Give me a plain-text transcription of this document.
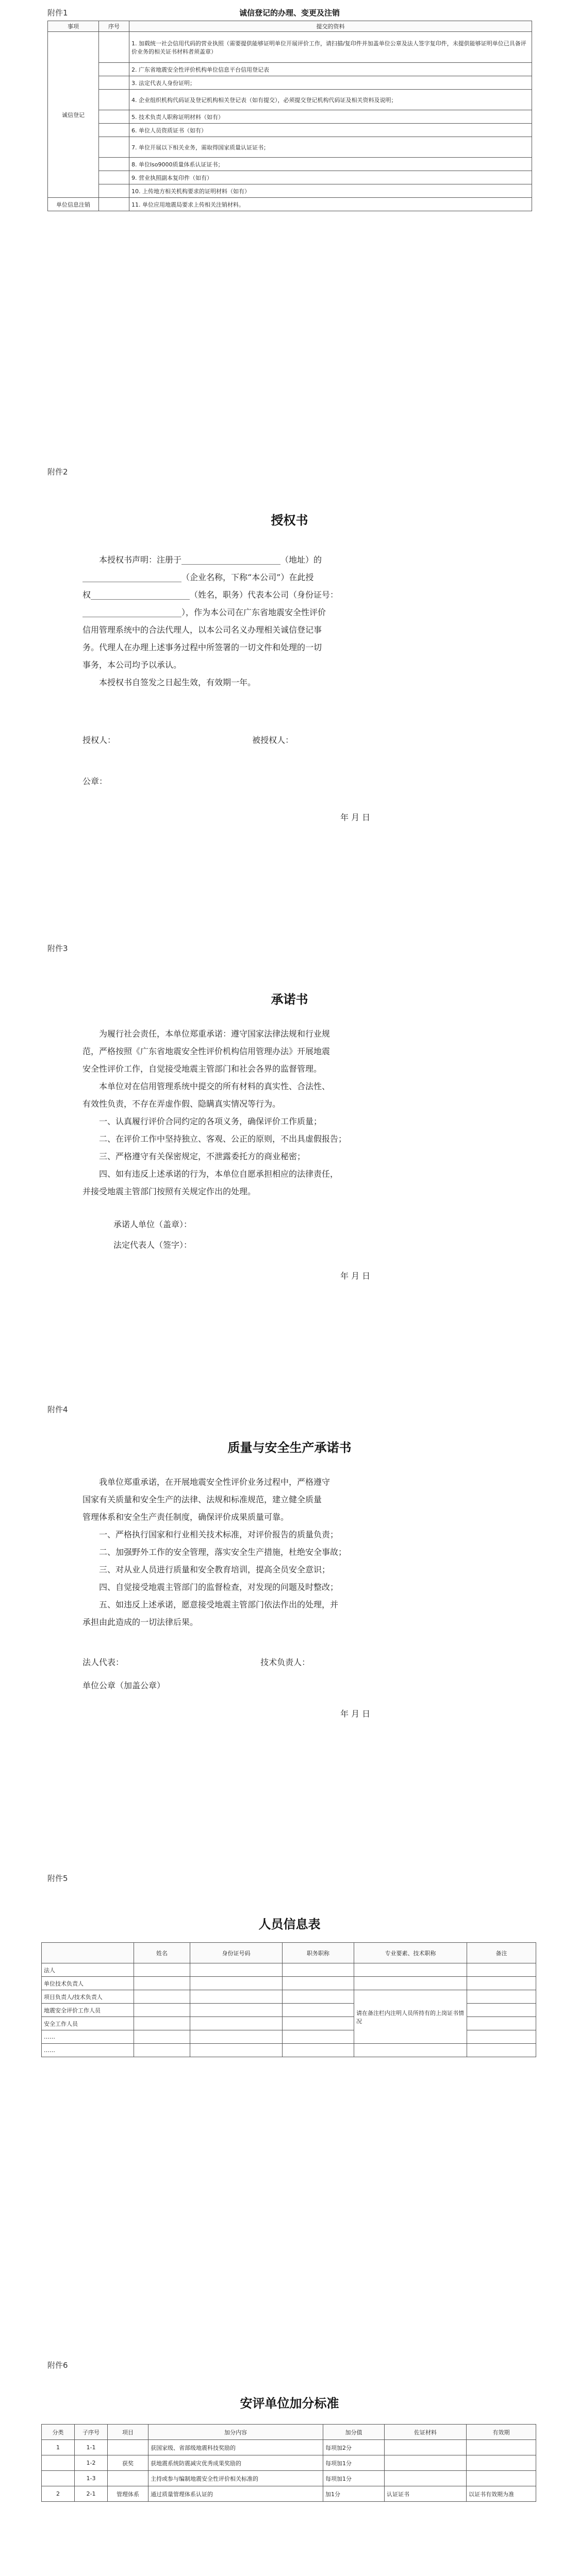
附件1	诚信登记的办理、变更及注销
事项	序号	提交的资料
诚信登记		1. 加载统一社会信用代码的营业执照（需要提供能够证明单位开展评价工作，请扫描/复印件并加盖单位公章及法人签字复印件，未提供能够证明单位已具备评价业务的相关证书材料者须盖章）
		2. 广东省地震安全性评价机构单位信息平台信用登记表
		3. 法定代表人身份证明；
		4. 企业组织机构代码证及登记机构相关登记表（如有提交），必须提交登记机构代码证及相关资料及说明；
		5. 技术负责人职称证明材料（如有）
		6. 单位人员资质证书（如有）
		7. 单位开展以下相关业务，需取得国家质量认证证书；
		8. 单位lso9000质量体系认证证书；
		9. 营业执照副本复印件（如有）
		10. 上传地方相关机构要求的证明材料（如有）
单位信息注销		11. 单位应用地震局要求上传相关注销材料。
附件2
授权书
本授权书声明：注册于________________________（地址）的
________________________（企业名称，下称“本公司”）在此授
权________________________（姓名，职务）代表本公司（身份证号：
________________________），作为本公司在广东省地震安全性评价
信用管理系统中的合法代理人，以本公司名义办理相关诚信登记事
务。代理人在办理上述事务过程中所签署的一切文件和处理的一切
事务，本公司均予以承认。
本授权书自签发之日起生效，有效期一年。
授权人：	被授权人：
公章：
年 月 日
附件3
承诺书
为履行社会责任，本单位郑重承诺：遵守国家法律法规和行业规
范，严格按照《广东省地震安全性评价机构信用管理办法》开展地震
安全性评价工作，自觉接受地震主管部门和社会各界的监督管理。
本单位对在信用管理系统中提交的所有材料的真实性、合法性、
有效性负责，不存在弄虚作假、隐瞒真实情况等行为。
一、认真履行评价合同约定的各项义务，确保评价工作质量；
二、在评价工作中坚持独立、客观、公正的原则，不出具虚假报告；
三、严格遵守有关保密规定，不泄露委托方的商业秘密；
四、如有违反上述承诺的行为，本单位自愿承担相应的法律责任，
并接受地震主管部门按照有关规定作出的处理。
承诺人单位（盖章）：
法定代表人（签字）：
年 月 日
附件4
质量与安全生产承诺书
我单位郑重承诺，在开展地震安全性评价业务过程中，严格遵守
国家有关质量和安全生产的法律、法规和标准规范，建立健全质量
管理体系和安全生产责任制度，确保评价成果质量可靠。
一、严格执行国家和行业相关技术标准，对评价报告的质量负责；
二、加强野外工作的安全管理，落实安全生产措施，杜绝安全事故；
三、对从业人员进行质量和安全教育培训，提高全员安全意识；
四、自觉接受地震主管部门的监督检查，对发现的问题及时整改；
五、如违反上述承诺，愿意接受地震主管部门依法作出的处理，并
承担由此造成的一切法律后果。
法人代表：	技术负责人：
单位公章（加盖公章）
年 月 日
附件5
人员信息表
	姓名	身份证号码	职务职称	专业要素、技术职称	备注
法人					
单位技术负责人					
项目负责人/技术负责人				请在备注栏内注明人员所持有的上岗证书情况	
地震安全评价工作人员					
安全工作人员					
……					
……					
附件6
安评单位加分标准
分类	子序号	项目	加分内容	加分值	佐证材料	有效期
1	1-1		获国家级、省部级地震科技奖励的	每项加2分		
	1-2	获奖	获地震系统防震减灾优秀成果奖励的	每项加1分		
	1-3		主持或参与编制地震安全性评价相关标准的	每项加1分		
2	2-1	管理体系	通过质量管理体系认证的	加1分	认证证书	以证书有效期为准
